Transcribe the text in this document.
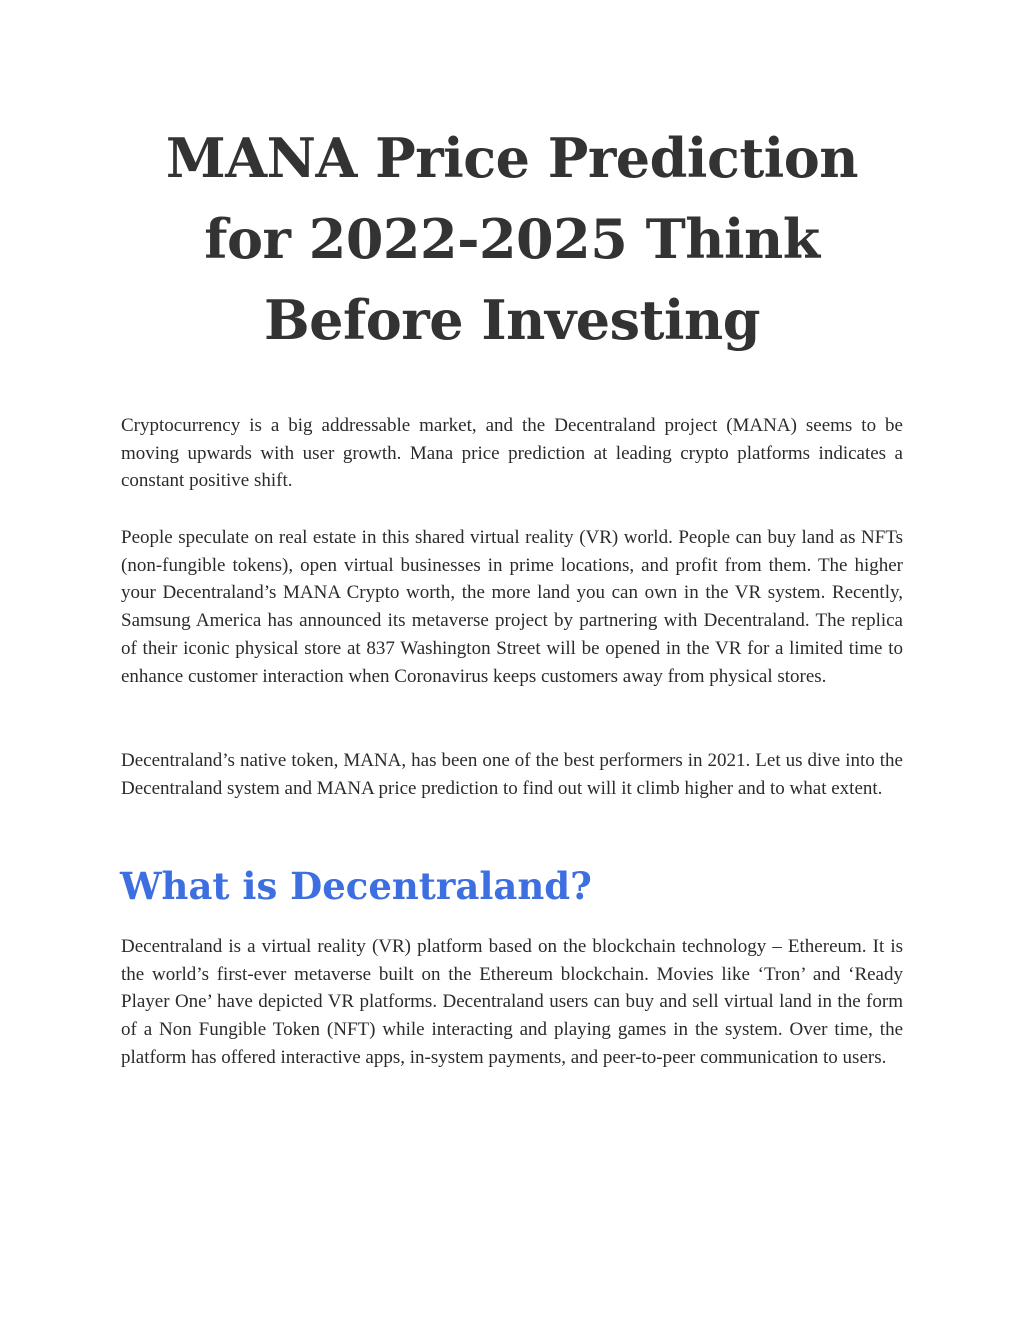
MANA Price Prediction for 2022-2025 Think Before Investing

Cryptocurrency is a big addressable market, and the Decentraland project (MANA) seems to be moving upwards with user growth. Mana price prediction at leading crypto platforms indicates a constant positive shift.

People speculate on real estate in this shared virtual reality (VR) world. People can buy land as NFTs (non-fungible tokens), open virtual businesses in prime locations, and profit from them. The higher your Decentraland’s MANA Crypto worth, the more land you can own in the VR system. Recently, Samsung America has announced its metaverse project by partnering with Decentraland. The replica of their iconic physical store at 837 Washington Street will be opened in the VR for a limited time to enhance customer interaction when Coronavirus keeps customers away from physical stores.

Decentraland’s native token, MANA, has been one of the best performers in 2021. Let us dive into the Decentraland system and MANA price prediction to find out will it climb higher and to what extent.

What is Decentraland?

Decentraland is a virtual reality (VR) platform based on the blockchain technology – Ethereum. It is the world’s first-ever metaverse built on the Ethereum blockchain. Movies like ‘Tron’ and ‘Ready Player One’ have depicted VR platforms. Decentraland users can buy and sell virtual land in the form of a Non Fungible Token (NFT) while interacting and playing games in the system. Over time, the platform has offered interactive apps, in-system payments, and peer-to-peer communication to users.
